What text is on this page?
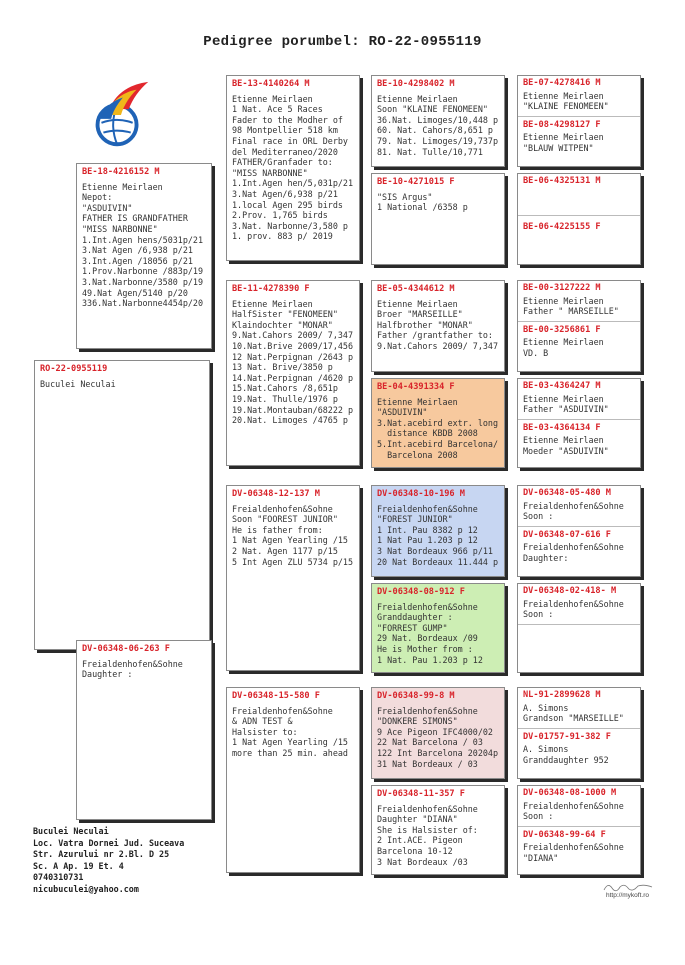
Pedigree porumbel: RO-22-0955119
RO-22-0955119
Buculei Neculai
BE-18-4216152 M
Etienne Meirlaen
Nepot:
"ASDUIVIN"
FATHER IS GRANDFATHER
"MISS NARBONNE"
1.Int.Agen hens/5031p/21
3.Nat Agen /6,938 p/21
3.Int.Agen /18056 p/21
1.Prov.Narbonne /883p/19
3.Nat.Narbonne/3580 p/19
49.Nat Agen/5140 p/20
336.Nat.Narbonne4454p/20
DV-06348-06-263 F
Freialdenhofen&Sohne
Daughter :
BE-13-4140264 M
Etienne Meirlaen
1 Nat. Ace 5 Races
Fader to the Modher of
98 Montpellier 518 km
Final race in ORL Derby
del Mediterraneo/2020
FATHER/Granfader to:
"MISS NARBONNE"
1.Int.Agen hen/5,031p/21
3.Nat Agen/6,938 p/21
1.local Agen 295 birds
2.Prov. 1,765 birds
3.Nat. Narbonne/3,580 p
1. prov. 883 p/ 2019
BE-11-4278390 F
Etienne Meirlaen
HalfSister "FENOMEEN"
Klaindochter "MONAR"
9.Nat.Cahors 2009/ 7,347
10.Nat.Brive 2009/17,456
12 Nat.Perpignan /2643 p
13 Nat. Brive/3850 p
14.Nat.Perpignan /4620 p
15.Nat.Cahors /8,651p
19.Nat. Thulle/1976 p
19.Nat.Montauban/68222 p
20.Nat. Limoges /4765 p
DV-06348-12-137 M
Freialdenhofen&Sohne
Soon "FOOREST JUNIOR"
He is father from:
1 Nat Agen Yearling /15
2 Nat. Agen 1177 p/15
5 Int Agen ZLU 5734 p/15
DV-06348-15-580 F
Freialdenhofen&Sohne
& ADN TEST &
Halsister to:
1 Nat Agen Yearling /15
more than 25 min. ahead
BE-10-4298402 M
Etienne Meirlaen
Soon "KLAINE FENOMEEN"
36.Nat. Limoges/10,448 p
60. Nat. Cahors/8,651 p
79. Nat. Limoges/19,737p
81. Nat. Tulle/10,771
BE-10-4271015 F
"SIS Argus"
1 National /6358 p
BE-05-4344612 M
Etienne Meirlaen
Broer "MARSEILLE"
Halfbrother "MONAR"
Father /grantfather to:
9.Nat.Cahors 2009/ 7,347
BE-04-4391334 F
Etienne Meirlaen
"ASDUIVIN"
3.Nat.acebird extr. long
distance KBDB 2008
5.Int.acebird Barcelona/
Barcelona 2008
DV-06348-10-196 M
Freialdenhofen&Sohne
"FOREST JUNIOR"
1 Int. Pau 8382 p 12
1 Nat Pau 1.203 p 12
3 Nat Bordeaux 966 p/11
20 Nat Bordeaux 11.444 p
DV-06348-08-912 F
Freialdenhofen&Sohne
Granddaughter :
"FORREST GUMP"
29 Nat. Bordeaux /09
He is Mother from :
1 Nat. Pau 1.203 p 12
DV-06348-99-8 M
Freialdenhofen&Sohne
"DONKERE SIMONS"
9 Ace Pigeon IFC4000/02
22 Nat Barcelona / 03
122 Int Barcelona 20204p
31 Nat Bordeaux / 03
DV-06348-11-357 F
Freialdenhofen&Sohne
Daughter "DIANA"
She is Halsister of:
2 Int.ACE. Pigeon
Barcelona 10-12
3 Nat Bordeaux /03
BE-07-4278416 M
Etienne Meirlaen
"KLAINE FENOMEEN"
BE-08-4298127 F
Etienne Meirlaen
"BLAUW WITPEN"
BE-06-4325131 M
BE-06-4225155 F
BE-00-3127222 M
Etienne Meirlaen
Father " MARSEILLE"
BE-00-3256861 F
Etienne Meirlaen
VD. B
BE-03-4364247 M
Etienne Meirlaen
Father "ASDUIVIN"
BE-03-4364134 F
Etienne Meirlaen
Moeder "ASDUIVIN"
DV-06348-05-480 M
Freialdenhofen&Sohne
Soon :
DV-06348-07-616 F
Freialdenhofen&Sohne
Daughter:
DV-06348-02-418- M
Freialdenhofen&Sohne
Soon :
NL-91-2899628 M
A. Simons
Grandson "MARSEILLE"
DV-01757-91-382 F
A. Simons
Granddaughter 952
DV-06348-08-1000 M
Freialdenhofen&Sohne
Soon :
DV-06348-99-64 F
Freialdenhofen&Sohne
"DIANA"
Buculei Neculai
Loc. Vatra Dornei Jud. Suceava
Str. Azurului nr 2.Bl. D 25
Sc. A Ap. 19 Et. 4
0740310731
nicubuculei@yahoo.com
http://mykoft.ro
